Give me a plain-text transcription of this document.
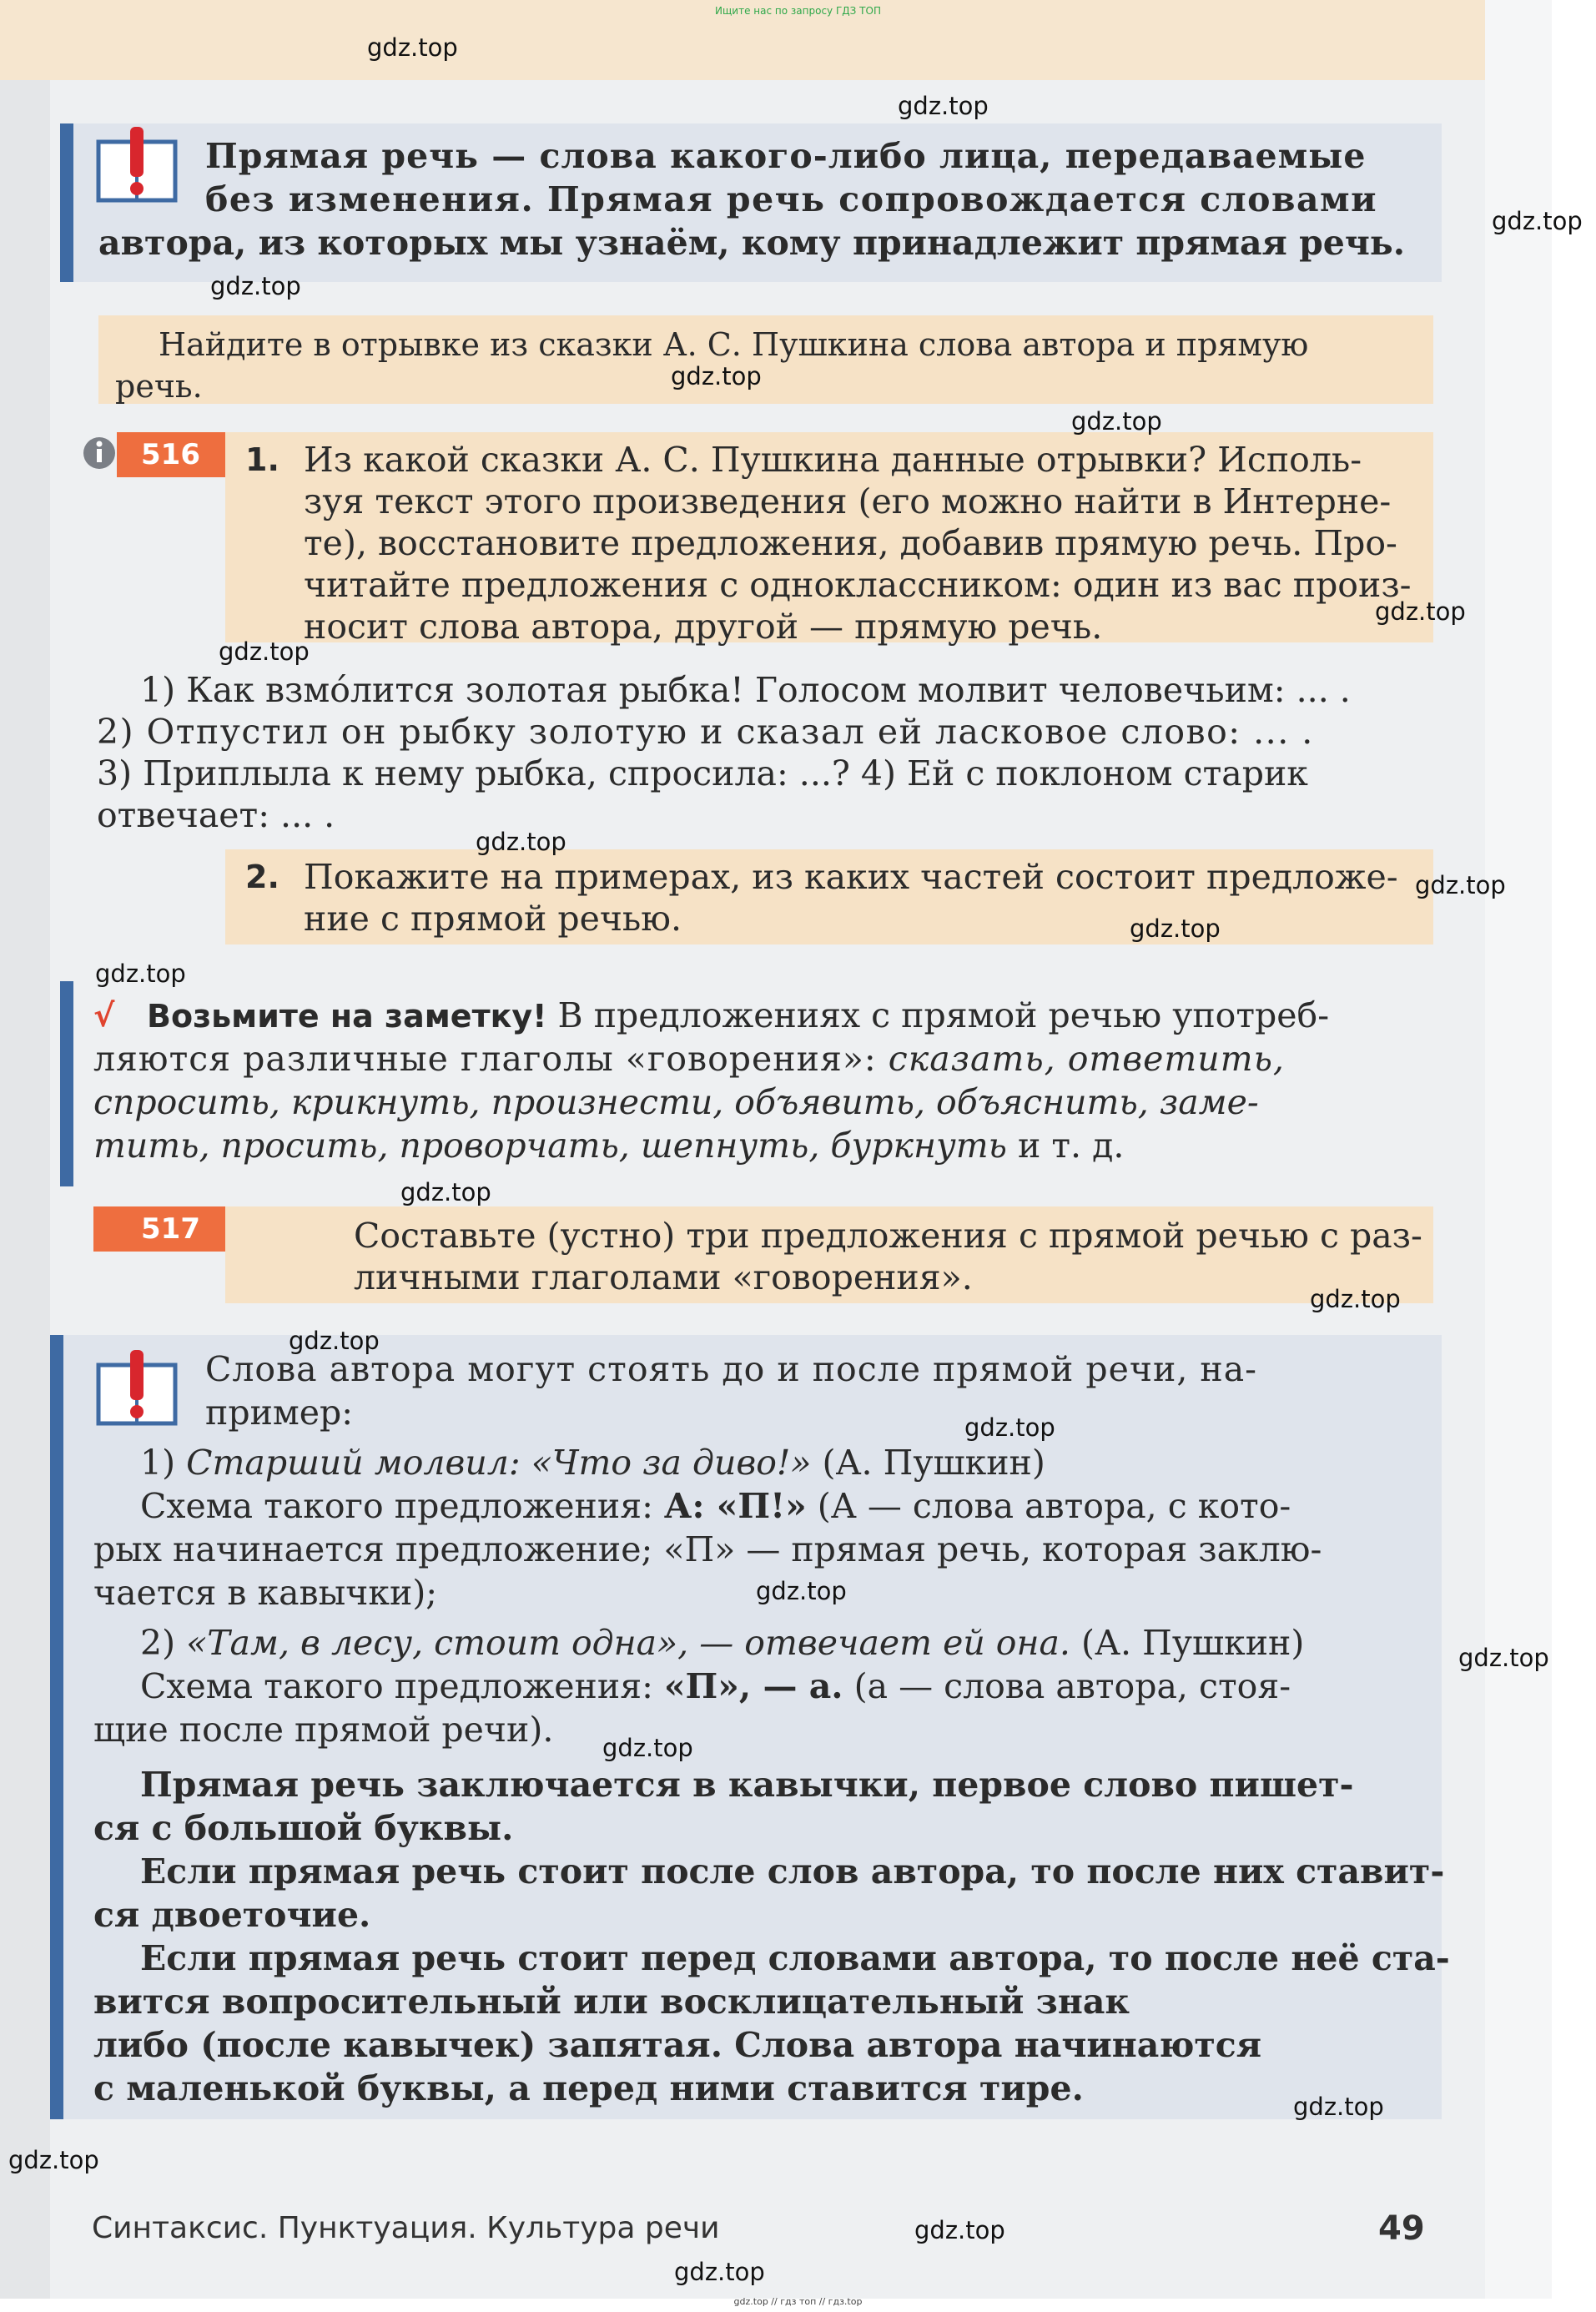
Прямая речь — слова какого-либо лица, передаваемые
без изменения. Прямая речь сопровождается словами
автора, из которых мы узнаём, кому принадлежит прямая речь.
Найдите в отрывке из сказки А. С. Пушкина слова автора и прямую
речь.
516	1. Из какой сказки А. С. Пушкина данные отрывки? Исполь-
зуя текст этого произведения (его можно найти в Интерне-
те), восстановите предложения, добавив прямую речь. Про-
читайте предложения с одноклассником: один из вас произ-
носит слова автора, другой — прямую речь.
1) Как взмóлится золотая рыбка! Голосом молвит человечьим: ... .
2) Отпустил он рыбку золотую и сказал ей ласковое слово: ... .
3) Приплыла к нему рыбка, спросила: ...? 4) Ей с поклоном старик
отвечает: ... .
2. Покажите на примерах, из каких частей состоит предложе-
ние с прямой речью.
√ Возьмите на заметку! В предложениях с прямой речью употреб-
ляются различные глаголы «говорения»: сказать, ответить,
спросить, крикнуть, произнести, объявить, объяснить, заме-
тить, просить, проворчать, шепнуть, буркнуть и т. д.
517	Составьте (устно) три предложения с прямой речью с раз-
личными глаголами «говорения».
Слова автора могут стоять до и после прямой речи, на-
пример:
1) Старший молвил: «Что за диво!» (А. Пушкин)
Схема такого предложения: А: «П!» (А — слова автора, с кото-
рых начинается предложение; «П» — прямая речь, которая заклю-
чается в кавычки);
2) «Там, в лесу, стоит одна», — отвечает ей она. (А. Пушкин)
Схема такого предложения: «П», — а. (а — слова автора, стоя-
щие после прямой речи).
Прямая речь заключается в кавычки, первое слово пишет-
ся с большой буквы.
Если прямая речь стоит после слов автора, то после них ставит-
ся двоеточие.
Если прямая речь стоит перед словами автора, то после неё ста-
вится вопросительный или восклицательный знак
либо (после кавычек) запятая. Слова автора начинаются
с маленькой буквы, а перед ними ставится тире.
Синтаксис. Пунктуация. Культура речи	49
Ищите нас по запросу ГДЗ ТОП
gdz.top
gdz.top
gdz.top
gdz.top
gdz.top
gdz.top
gdz.top
gdz.top
gdz.top
gdz.top
gdz.top
gdz.top
gdz.top
gdz.top
gdz.top
gdz.top
gdz.top
gdz.top
gdz.top
gdz.top
gdz.top
gdz.top
gdz.top
gdz.top // гдз топ // гдз.top
